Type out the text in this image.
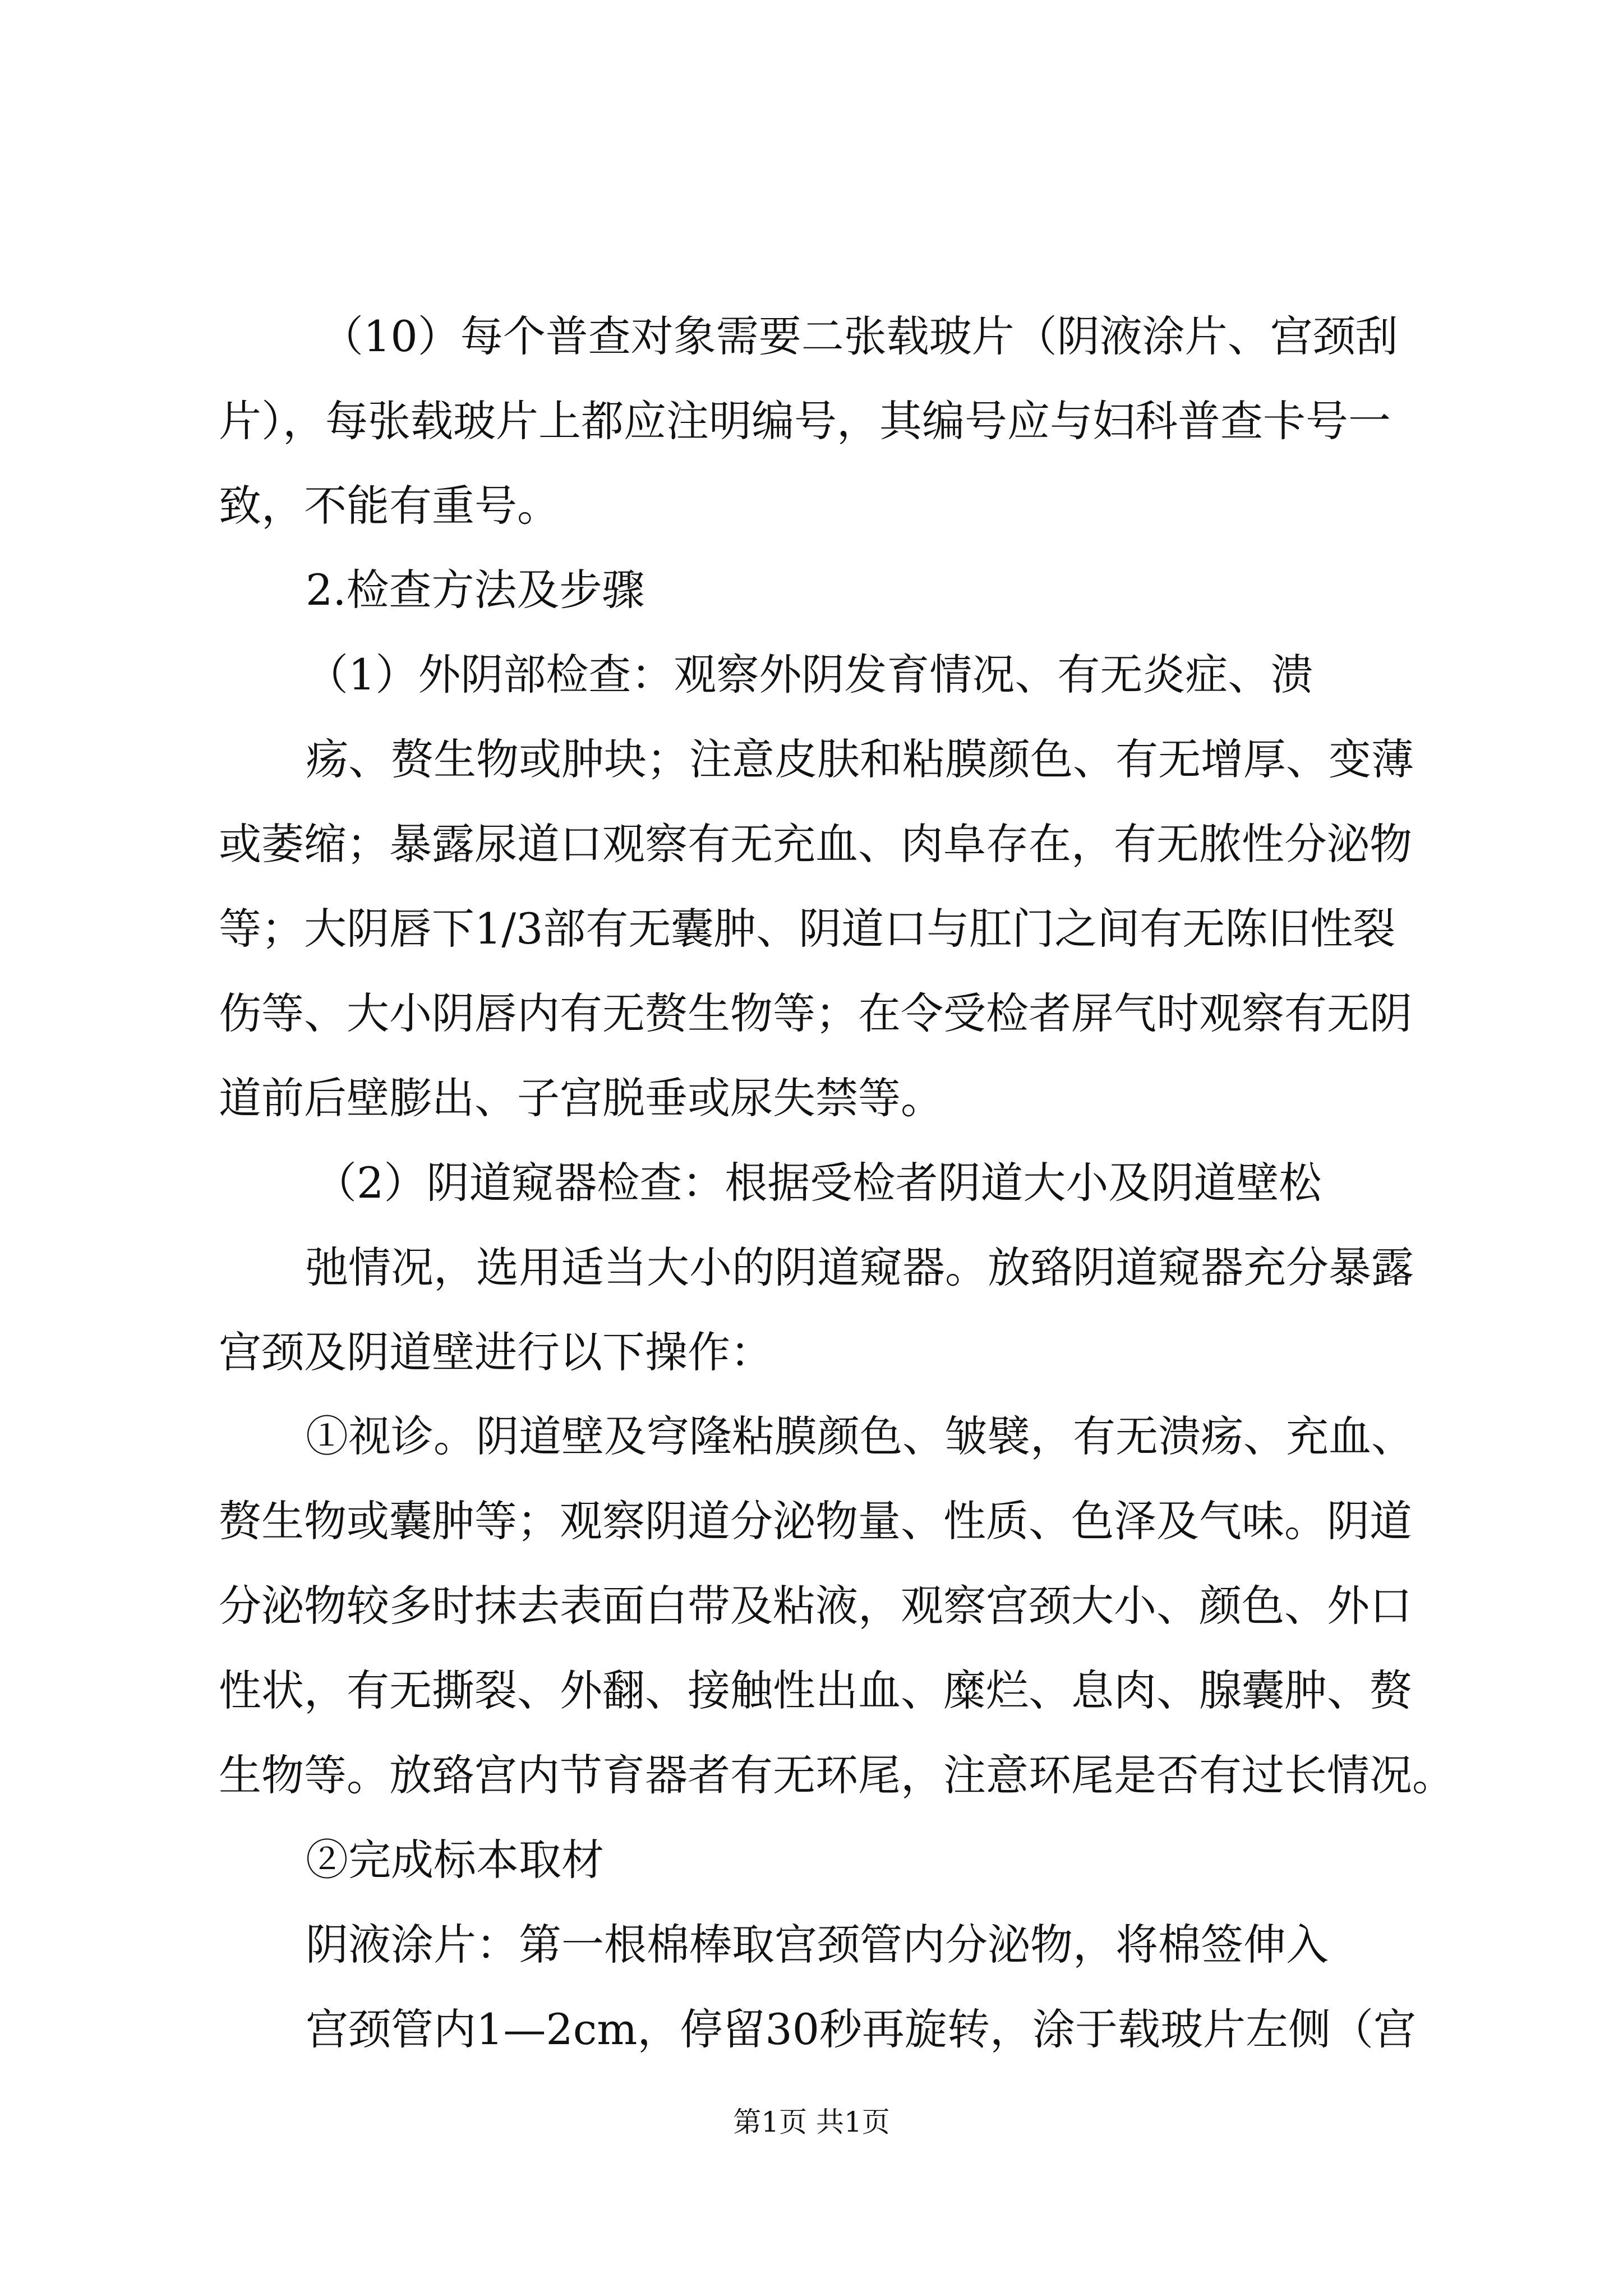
（10）每个普查对象需要二张载玻片（阴液涂片、宫颈刮
片），每张载玻片上都应注明编号，其编号应与妇科普查卡号一
致，不能有重号。
2.检查方法及步骤
（1）外阴部检查：观察外阴发育情况、有无炎症、溃
疡、赘生物或肿块；注意皮肤和粘膜颜色、有无增厚、变薄
或萎缩；暴露尿道口观察有无充血、肉阜存在，有无脓性分泌物
等；大阴唇下1/3部有无囊肿、阴道口与肛门之间有无陈旧性裂
伤等、大小阴唇内有无赘生物等；在令受检者屏气时观察有无阴
道前后壁膨出、子宫脱垂或尿失禁等。
（2）阴道窥器检查：根据受检者阴道大小及阴道壁松
弛情况，选用适当大小的阴道窥器。放臵阴道窥器充分暴露
宫颈及阴道壁进行以下操作：
①视诊。阴道壁及穹隆粘膜颜色、皱襞，有无溃疡、充血、
赘生物或囊肿等；观察阴道分泌物量、性质、色泽及气味。阴道
分泌物较多时抹去表面白带及粘液，观察宫颈大小、颜色、外口
性状，有无撕裂、外翻、接触性出血、糜烂、息肉、腺囊肿、赘
生物等。放臵宫内节育器者有无环尾，注意环尾是否有过长情况。
②完成标本取材
阴液涂片：第一根棉棒取宫颈管内分泌物，将棉签伸入
宫颈管内1—2cm，停留30秒再旋转，涂于载玻片左侧（宫
第1页 共1页
